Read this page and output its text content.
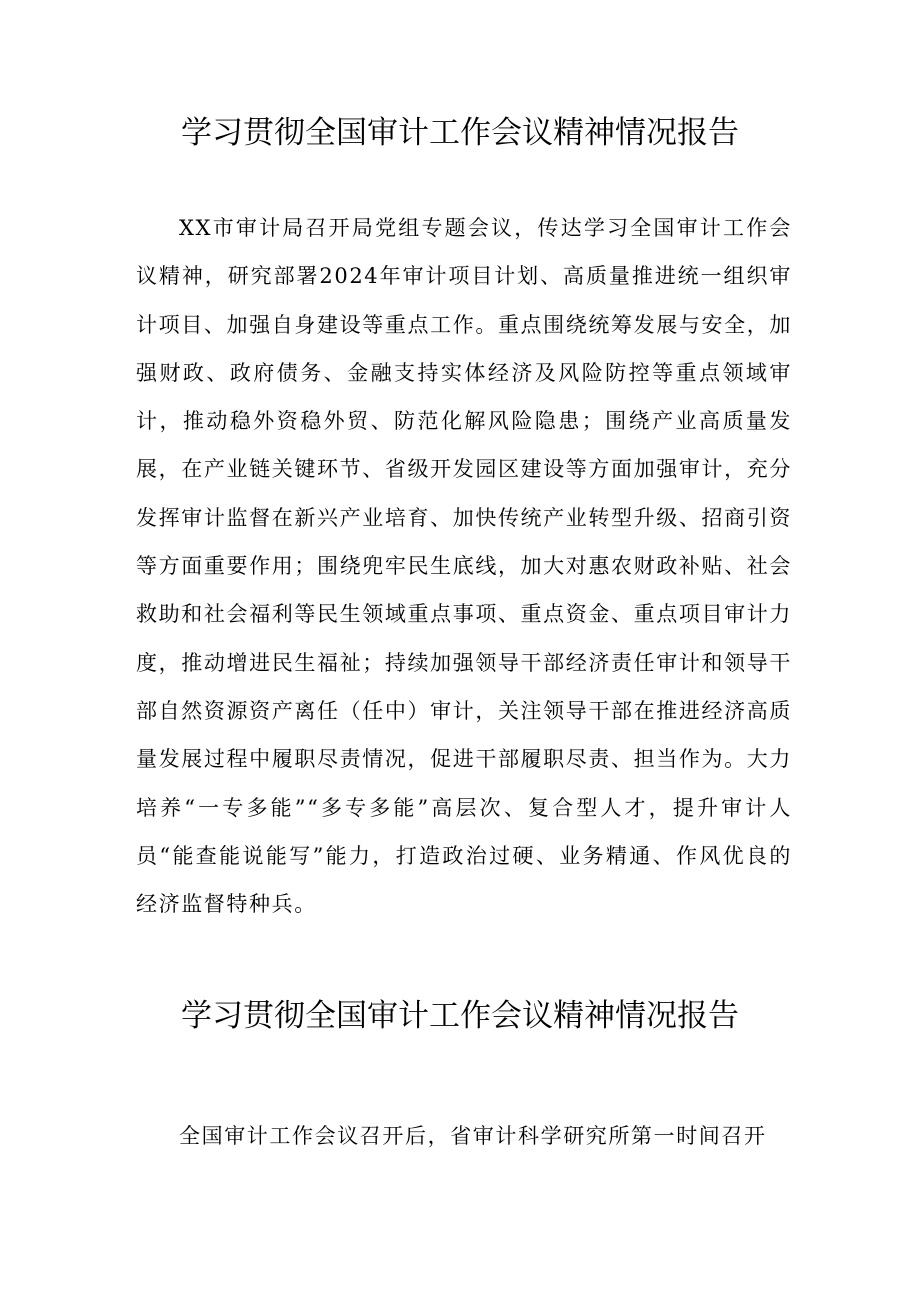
学习贯彻全国审计工作会议精神情况报告

XX市审计局召开局党组专题会议，传达学习全国审计工作会议精神，研究部署2024年审计项目计划、高质量推进统一组织审计项目、加强自身建设等重点工作。重点围绕统筹发展与安全，加强财政、政府债务、金融支持实体经济及风险防控等重点领域审计，推动稳外资稳外贸、防范化解风险隐患；围绕产业高质量发展，在产业链关键环节、省级开发园区建设等方面加强审计，充分发挥审计监督在新兴产业培育、加快传统产业转型升级、招商引资等方面重要作用；围绕兜牢民生底线，加大对惠农财政补贴、社会救助和社会福利等民生领域重点事项、重点资金、重点项目审计力度，推动增进民生福祉；持续加强领导干部经济责任审计和领导干部自然资源资产离任（任中）审计，关注领导干部在推进经济高质量发展过程中履职尽责情况，促进干部履职尽责、担当作为。大力培养“一专多能”“多专多能”高层次、复合型人才，提升审计人员“能查能说能写”能力，打造政治过硬、业务精通、作风优良的经济监督特种兵。

学习贯彻全国审计工作会议精神情况报告

全国审计工作会议召开后，省审计科学研究所第一时间召开
